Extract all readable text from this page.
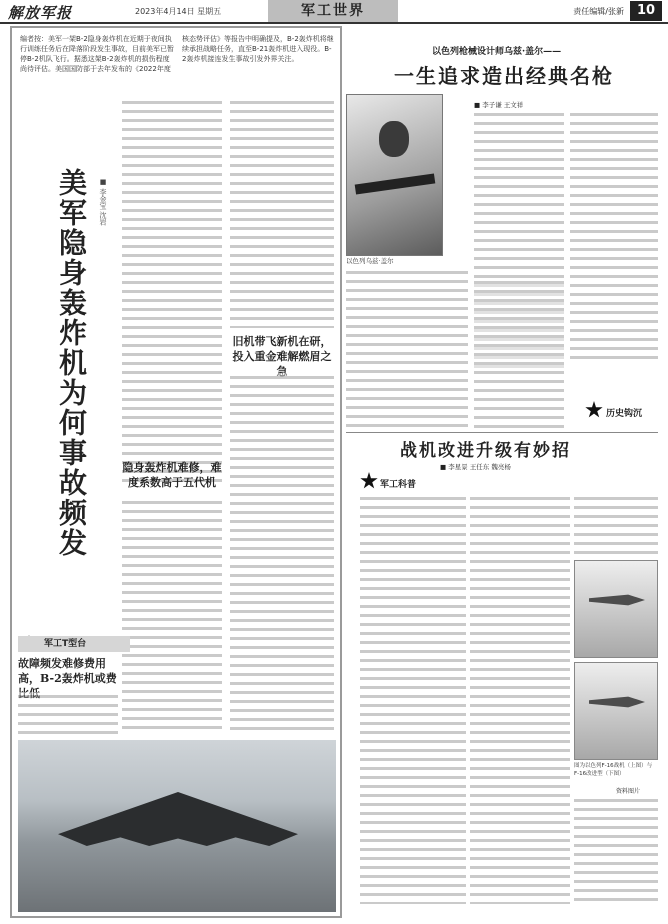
解放军报	2023年4月14日 星期五	军工世界	责任编辑/张新 10
编者按：美军一架B-2隐身轰炸机在近期于夜间执行训练任务后在降落阶段发生事故，目前美军已暂停B-2机队飞行。据悉这架B-2轰炸机的损伤程度尚待评估。美国国防部于去年发布的《2022年度核态势评估》等报告中明确提及，B-2轰炸机将继续承担战略任务，直至B-21轰炸机进入现役。B-2轰炸机接连发生事故引发外界关注。
美军隐身轰炸机为何事故频发 ■ 李金宝 沈岩
旧机带飞新机在研，投入重金难解燃眉之急
隐身轰炸机难修，难度系数高于五代机
军工T型台
故障频发难修费用高，B-2轰炸机或费比低
以色列枪械设计师乌兹·盖尔——
一生追求造出经典名枪
■ 李子谦 王文祥
以色列乌兹·盖尔
历史钩沉
战机改进升级有妙招
■ 李星景 王任东 魏亮杨
军工科普
图为以色列F-16战机（上图）与F-16改进型（下图）
资料图片
